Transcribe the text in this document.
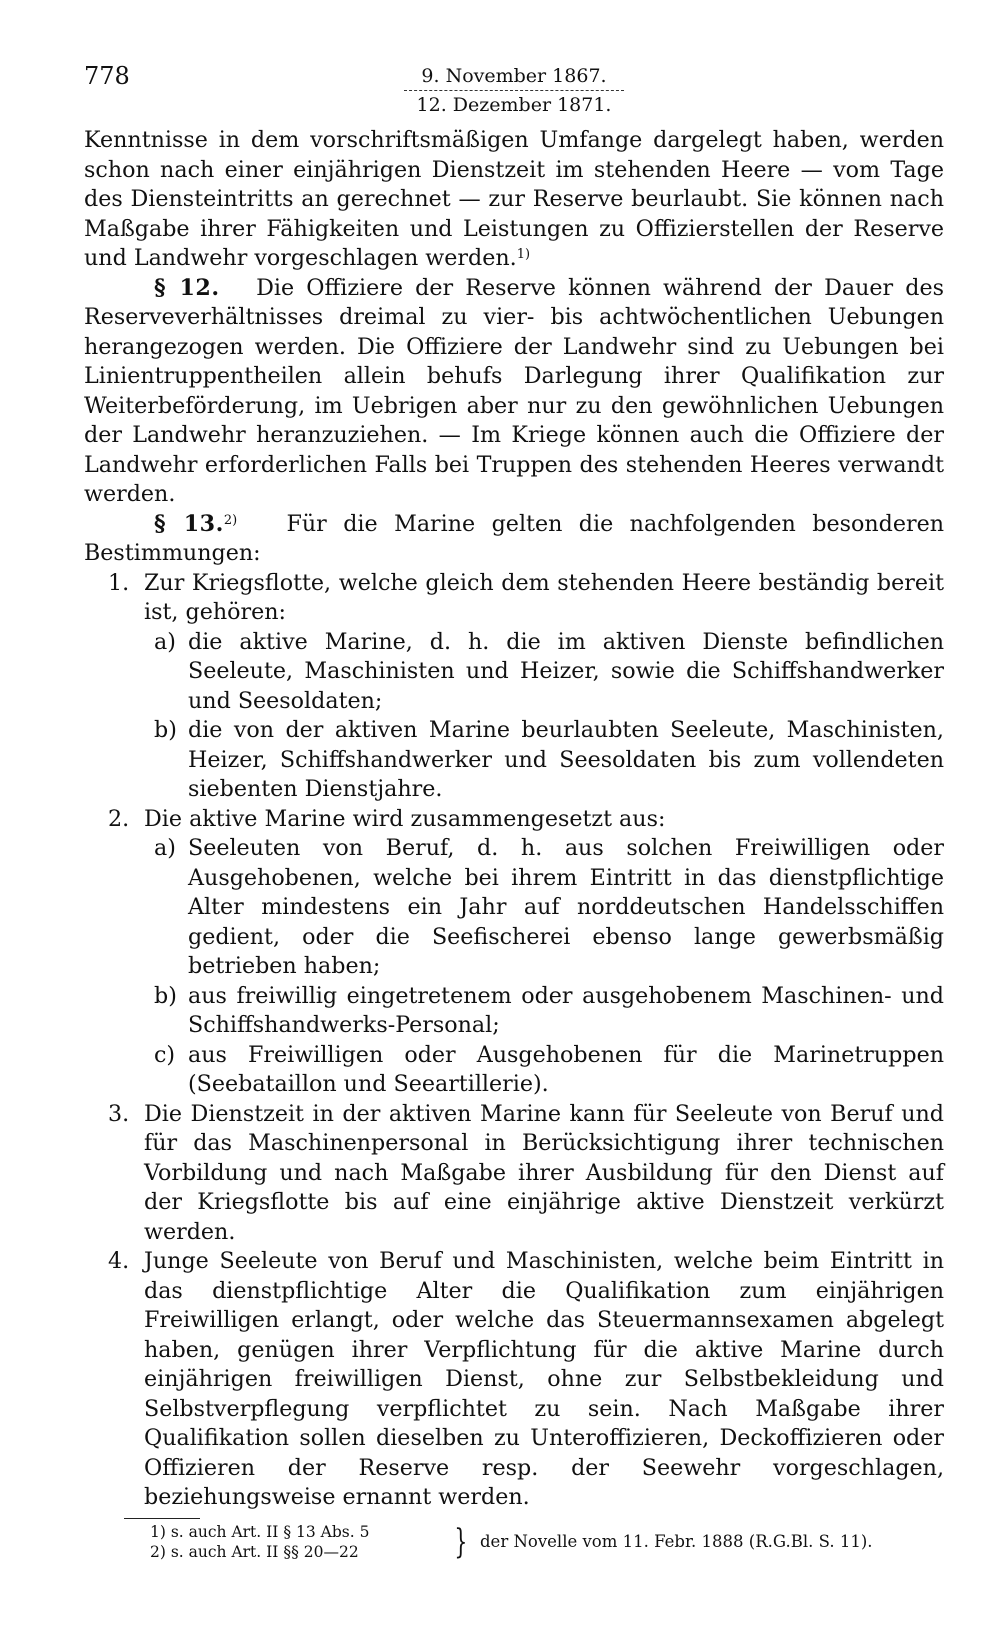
778	9. November 1867.
12. Dezember 1871.

Kenntnisse in dem vorschriftsmäßigen Umfange dargelegt haben, werden schon nach einer einjährigen Dienstzeit im stehenden Heere — vom Tage des Diensteintritts an gerechnet — zur Reserve beurlaubt. Sie können nach Maßgabe ihrer Fähigkeiten und Leistungen zu Offizierstellen der Reserve und Landwehr vorgeschlagen werden.$^{1)}$

§ 12. Die Offiziere der Reserve können während der Dauer des Reserveverhältnisses dreimal zu vier- bis achtwöchentlichen Uebungen herangezogen werden. Die Offiziere der Landwehr sind zu Uebungen bei Linientruppentheilen allein behufs Darlegung ihrer Qualifikation zur Weiterbeförderung, im Uebrigen aber nur zu den gewöhnlichen Uebungen der Landwehr heranzuziehen. — Im Kriege können auch die Offiziere der Landwehr erforderlichen Falls bei Truppen des stehenden Heeres verwandt werden.

§ 13.$^{2)}$ Für die Marine gelten die nachfolgenden besonderen Bestimmungen:

1. Zur Kriegsflotte, welche gleich dem stehenden Heere beständig bereit ist, gehören:

a) die aktive Marine, d. h. die im aktiven Dienste befindlichen Seeleute, Maschinisten und Heizer, sowie die Schiffshandwerker und Seesoldaten;

b) die von der aktiven Marine beurlaubten Seeleute, Maschinisten, Heizer, Schiffshandwerker und Seesoldaten bis zum vollendeten siebenten Dienstjahre.

2. Die aktive Marine wird zusammengesetzt aus:

a) Seeleuten von Beruf, d. h. aus solchen Freiwilligen oder Ausgehobenen, welche bei ihrem Eintritt in das dienstpflichtige Alter mindestens ein Jahr auf norddeutschen Handelsschiffen gedient, oder die Seefischerei ebenso lange gewerbsmäßig betrieben haben;

b) aus freiwillig eingetretenem oder ausgehobenem Maschinen- und Schiffshandwerks-Personal;

c) aus Freiwilligen oder Ausgehobenen für die Marinetruppen (Seebataillon und Seeartillerie).

3. Die Dienstzeit in der aktiven Marine kann für Seeleute von Beruf und für das Maschinenpersonal in Berücksichtigung ihrer technischen Vorbildung und nach Maßgabe ihrer Ausbildung für den Dienst auf der Kriegsflotte bis auf eine einjährige aktive Dienstzeit verkürzt werden.

4. Junge Seeleute von Beruf und Maschinisten, welche beim Eintritt in das dienstpflichtige Alter die Qualifikation zum einjährigen Freiwilligen erlangt, oder welche das Steuermannsexamen abgelegt haben, genügen ihrer Verpflichtung für die aktive Marine durch einjährigen freiwilligen Dienst, ohne zur Selbstbekleidung und Selbstverpflegung verpflichtet zu sein. Nach Maßgabe ihrer Qualifikation sollen dieselben zu Unteroffizieren, Deckoffizieren oder Offizieren der Reserve resp. der Seewehr vorgeschlagen, beziehungsweise ernannt werden.

1) s. auch Art. II § 13 Abs. 5
2) s. auch Art. II §§ 20—22	} der Novelle vom 11. Febr. 1888 (R.G.Bl. S. 11).
